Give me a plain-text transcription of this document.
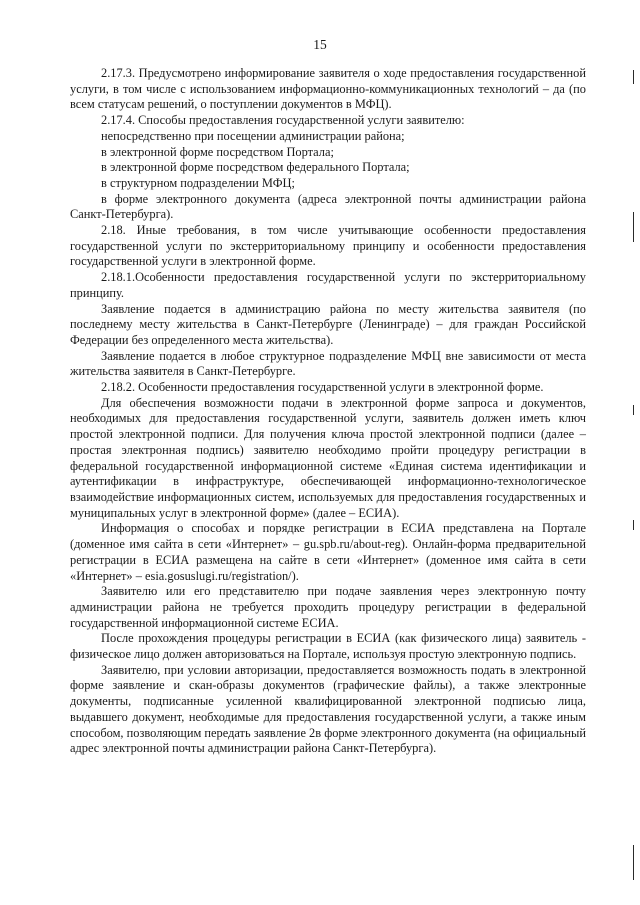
15

2.17.3. Предусмотрено информирование заявителя о ходе предоставления государственной услуги, в том числе с использованием информационно-коммуникационных технологий – да (по всем статусам решений, о поступлении документов в МФЦ).

2.17.4. Способы предоставления государственной услуги заявителю:

непосредственно при посещении администрации района;

в электронной форме посредством Портала;

в электронной форме посредством федерального Портала;

в структурном подразделении МФЦ;

в форме электронного документа (адреса электронной почты администрации района Санкт-Петербурга).

2.18. Иные требования, в том числе учитывающие особенности предоставления государственной услуги по экстерриториальному принципу и особенности предоставления государственной услуги в электронной форме.

2.18.1.Особенности предоставления государственной услуги по экстерриториальному принципу.

Заявление подается в администрацию района по месту жительства заявителя (по последнему месту жительства в Санкт-Петербурге (Ленинграде) – для граждан Российской Федерации без определенного места жительства).

Заявление подается в любое структурное подразделение МФЦ вне зависимости от места жительства заявителя в Санкт-Петербурге.

2.18.2. Особенности предоставления государственной услуги в электронной форме.

Для обеспечения возможности подачи в электронной форме запроса и документов, необходимых для предоставления государственной услуги, заявитель должен иметь ключ простой электронной подписи. Для получения ключа простой электронной подписи (далее – простая электронная подпись) заявителю необходимо пройти процедуру регистрации в федеральной государственной информационной системе «Единая система идентификации и аутентификации в инфраструктуре, обеспечивающей информационно-технологическое взаимодействие информационных систем, используемых для предоставления государственных и муниципальных услуг в электронной форме» (далее – ЕСИА).

Информация о способах и порядке регистрации в ЕСИА представлена на Портале (доменное имя сайта в сети «Интернет» – gu.spb.ru/about-reg). Онлайн-форма предварительной регистрации в ЕСИА размещена на сайте в сети «Интернет» (доменное имя сайта в сети «Интернет» – esia.gosuslugi.ru/registration/).

Заявителю или его представителю при подаче заявления через электронную почту администрации района не требуется проходить процедуру регистрации в федеральной государственной информационной системе ЕСИА.

После прохождения процедуры регистрации в ЕСИА (как физического лица) заявитель - физическое лицо должен авторизоваться на Портале, используя простую электронную подпись.

Заявителю, при условии авторизации, предоставляется возможность подать в электронной форме заявление и скан-образы документов (графические файлы), а также электронные документы, подписанные усиленной квалифицированной электронной подписью лица, выдавшего документ, необходимые для предоставления государственной услуги, а также иным способом, позволяющим передать заявление 2в форме электронного документа (на официальный адрес электронной почты администрации района Санкт-Петербурга).
